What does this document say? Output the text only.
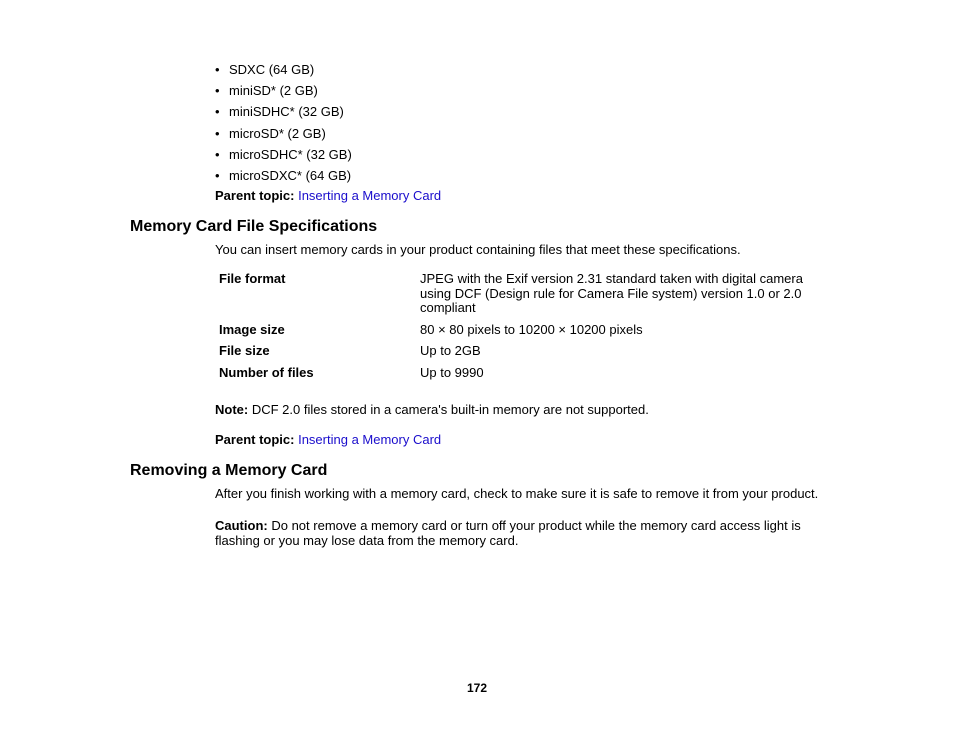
• SDXC (64 GB)
• miniSD* (2 GB)
• miniSDHC* (32 GB)
• microSD* (2 GB)
• microSDHC* (32 GB)
• microSDXC* (64 GB)
Parent topic: Inserting a Memory Card
Memory Card File Specifications

You can insert memory cards in your product containing files that meet these specifications.

File format	JPEG with the Exif version 2.31 standard taken with digital camera using DCF (Design rule for Camera File system) version 1.0 or 2.0 compliant
Image size	80 × 80 pixels to 10200 × 10200 pixels
File size	Up to 2GB
Number of files	Up to 9990

Note: DCF 2.0 files stored in a camera's built-in memory are not supported.

Parent topic: Inserting a Memory Card
Removing a Memory Card

After you finish working with a memory card, check to make sure it is safe to remove it from your product.

Caution: Do not remove a memory card or turn off your product while the memory card access light is flashing or you may lose data from the memory card.

172
